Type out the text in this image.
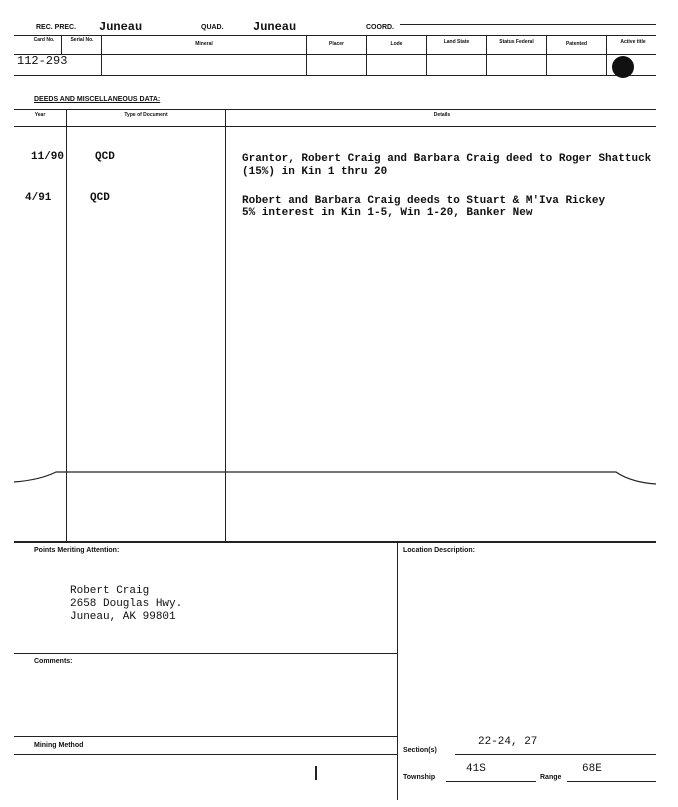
REC. PREC. Juneau	QUAD. Juneau	COORD.
Card No.	Serial No.
Mineral	Placer	Lode	Land State	Status Federal	Patented	Active title
112-293
DEEDS AND MISCELLANEOUS DATA:
Year	Type of Document	Details
11/90	QCD	Grantor, Robert Craig and Barbara Craig deed to Roger Shattuck
(15%) in Kin 1 thru 20
4/91	QCD	Robert and Barbara Craig deeds to Stuart & M'Iva Rickey
5% interest in Kin 1-5, Win 1-20, Banker New
Points Meriting Attention:
Robert Craig
2658 Douglas Hwy.
Juneau, AK 99801
Location Description:
Comments:
Mining Method
Section(s)
22-24, 27
Township
41S
Range
68E
